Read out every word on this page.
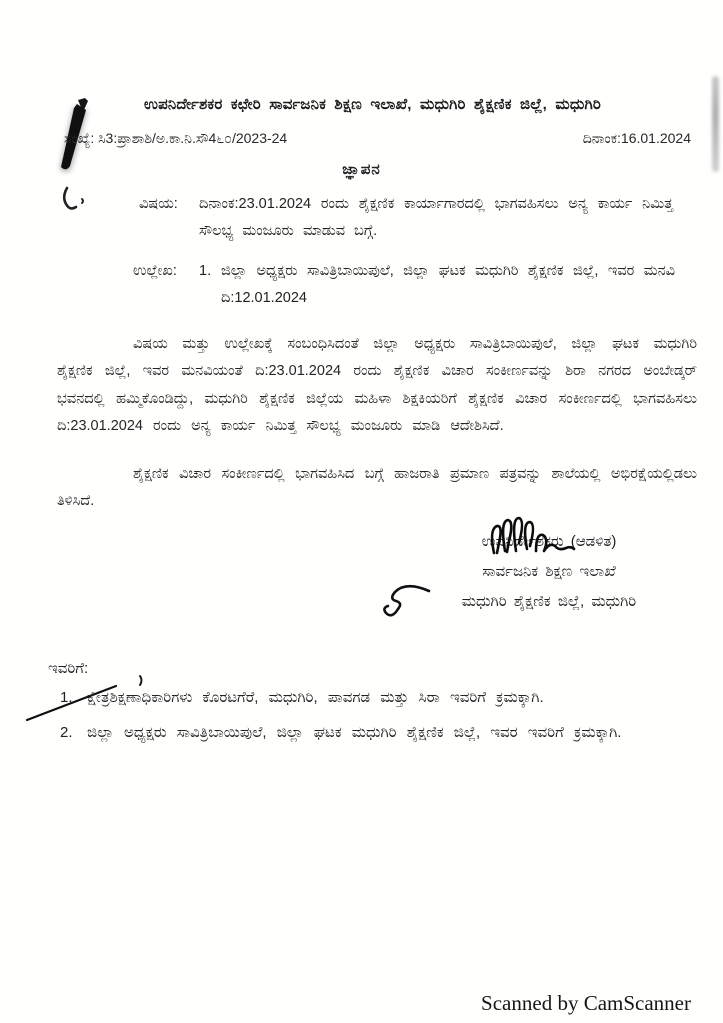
ಉಪನಿರ್ದೇಶಕರ ಕಛೇರಿ ಸಾರ್ವಜನಿಕ ಶಿಕ್ಷಣ ಇಲಾಖೆ, ಮಧುಗಿರಿ ಶೈಕ್ಷಣಿಕ ಜಿಲ್ಲೆ, ಮಧುಗಿರಿ
ಸಂಖ್ಯೆ: ಸಿ3:ಪ್ರಾಶಾಶಿ/ಅ.ಕಾ.ನಿ.ಸೌ4೬೦/2023-24	ದಿನಾಂಕ:16.01.2024
ಜ್ಞಾಪನ
ವಿಷಯ:	ದಿನಾಂಕ:23.01.2024 ರಂದು ಶೈಕ್ಷಣಿಕ ಕಾರ್ಯಾಗಾರದಲ್ಲಿ ಭಾಗವಹಿಸಲು ಅನ್ಯ ಕಾರ್ಯ ನಿಮಿತ್ತ ಸೌಲಭ್ಯ ಮಂಜೂರು ಮಾಡುವ ಬಗ್ಗೆ.
ಉಲ್ಲೇಖ:	1. ಜಿಲ್ಲಾ ಅಧ್ಯಕ್ಷರು ಸಾವಿತ್ರಿಬಾಯಿಪುಲೆ, ಜಿಲ್ಲಾ ಘಟಕ ಮಧುಗಿರಿ ಶೈಕ್ಷಣಿಕ ಜಿಲ್ಲೆ, ಇವರ ಮನವಿ ದಿ:12.01.2024

ವಿಷಯ ಮತ್ತು ಉಲ್ಲೇಖಕ್ಕೆ ಸಂಬಂಧಿಸಿದಂತೆ ಜಿಲ್ಲಾ ಅಧ್ಯಕ್ಷರು ಸಾವಿತ್ರಿಬಾಯಿಪುಲೆ, ಜಿಲ್ಲಾ ಘಟಕ ಮಧುಗಿರಿ ಶೈಕ್ಷಣಿಕ ಜಿಲ್ಲೆ, ಇವರ ಮನವಿಯಂತೆ ದಿ:23.01.2024 ರಂದು ಶೈಕ್ಷಣಿಕ ವಿಚಾರ ಸಂಕೀರ್ಣವನ್ನು ಶಿರಾ ನಗರದ ಅಂಬೇಡ್ಕರ್ ಭವನದಲ್ಲಿ ಹಮ್ಮಿಕೊಂಡಿದ್ದು, ಮಧುಗಿರಿ ಶೈಕ್ಷಣಿಕ ಜಿಲ್ಲೆಯ ಮಹಿಳಾ ಶಿಕ್ಷಕಿಯರಿಗೆ ಶೈಕ್ಷಣಿಕ ವಿಚಾರ ಸಂಕೀರ್ಣದಲ್ಲಿ ಭಾಗವಹಿಸಲು ದಿ:23.01.2024 ರಂದು ಅನ್ಯ ಕಾರ್ಯ ನಿಮಿತ್ತ ಸೌಲಭ್ಯ ಮಂಜೂರು ಮಾಡಿ ಆದೇಶಿಸಿದೆ.

ಶೈಕ್ಷಣಿಕ ವಿಚಾರ ಸಂಕೀರ್ಣದಲ್ಲಿ ಭಾಗವಹಿಸಿದ ಬಗ್ಗೆ ಹಾಜರಾತಿ ಪ್ರಮಾಣ ಪತ್ರವನ್ನು ಶಾಲೆಯಲ್ಲಿ ಅಭಿರಕ್ಷೆಯಲ್ಲಿಡಲು ತಿಳಿಸಿದೆ.

ಉಪನಿರ್ದೇಶಕರು (ಆಡಳಿತ)
ಸಾರ್ವಜನಿಕ ಶಿಕ್ಷಣ ಇಲಾಖೆ
ಮಧುಗಿರಿ ಶೈಕ್ಷಣಿಕ ಜಿಲ್ಲೆ, ಮಧುಗಿರಿ
ಇವರಿಗೆ:
1. ಕ್ಷೇತ್ರಶಿಕ್ಷಣಾಧಿಕಾರಿಗಳು ಕೊರಟಗೆರೆ, ಮಧುಗಿರಿ, ಪಾವಗಡ ಮತ್ತು ಸಿರಾ ಇವರಿಗೆ ಕ್ರಮಕ್ಕಾಗಿ.
2. ಜಿಲ್ಲಾ ಅಧ್ಯಕ್ಷರು ಸಾವಿತ್ರಿಬಾಯಿಪುಲೆ, ಜಿಲ್ಲಾ ಘಟಕ ಮಧುಗಿರಿ ಶೈಕ್ಷಣಿಕ ಜಿಲ್ಲೆ, ಇವರ ಇವರಿಗೆ ಕ್ರಮಕ್ಕಾಗಿ.
Scanned by CamScanner
